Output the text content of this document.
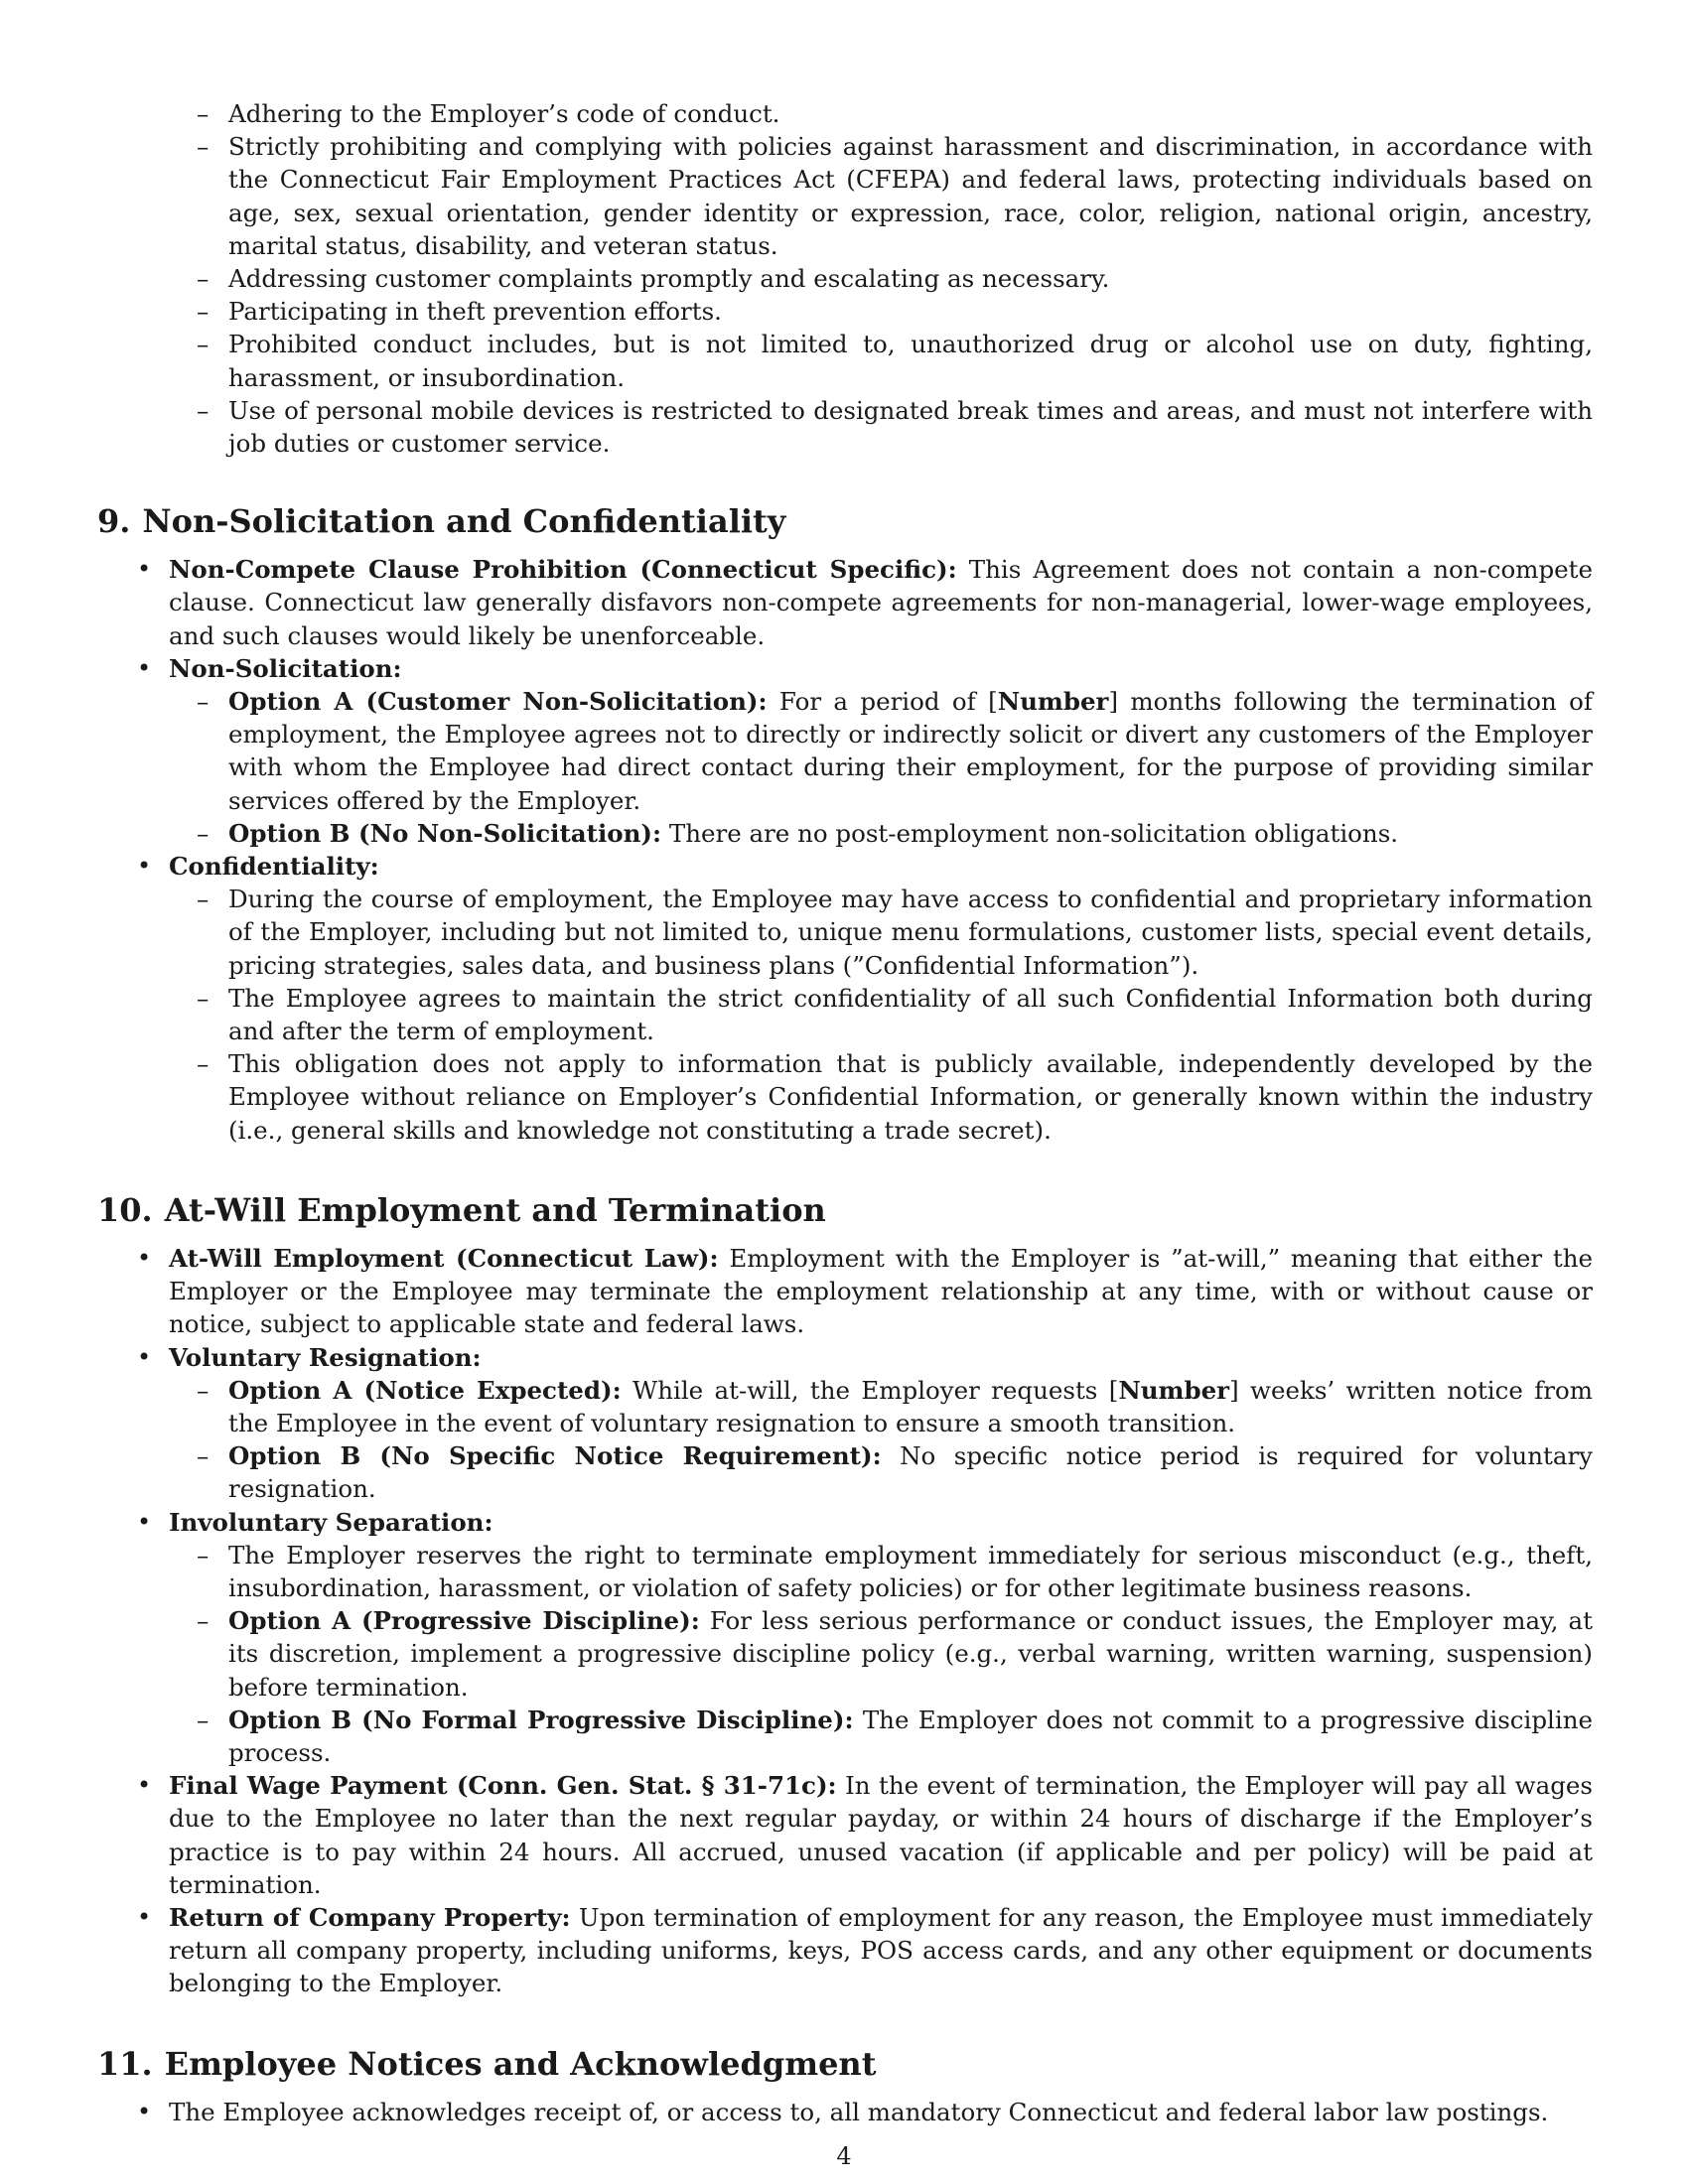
– Adhering to the Employer’s code of conduct.

– Strictly prohibiting and complying with policies against harassment and discrimination, in accordance with the Connecticut Fair Employment Practices Act (CFEPA) and federal laws, protecting individuals based on age, sex, sexual orientation, gender identity or expression, race, color, religion, national origin, ancestry, marital status, disability, and veteran status.

– Addressing customer complaints promptly and escalating as necessary.

– Participating in theft prevention efforts.

– Prohibited conduct includes, but is not limited to, unauthorized drug or alcohol use on duty, fighting, harassment, or insubordination.

– Use of personal mobile devices is restricted to designated break times and areas, and must not interfere with job duties or customer service.

9. Non-Solicitation and Confidentiality

• Non-Compete Clause Prohibition (Connecticut Specific): This Agreement does not contain a non-compete clause. Connecticut law generally disfavors non-compete agreements for non-managerial, lower-wage employees, and such clauses would likely be unenforceable.

• Non-Solicitation:

– Option A (Customer Non-Solicitation): For a period of [Number] months following the termination of employment, the Employee agrees not to directly or indirectly solicit or divert any customers of the Employer with whom the Employee had direct contact during their employment, for the purpose of providing similar services offered by the Employer.

– Option B (No Non-Solicitation): There are no post-employment non-solicitation obligations.

• Confidentiality:

– During the course of employment, the Employee may have access to confidential and proprietary information of the Employer, including but not limited to, unique menu formulations, customer lists, special event details, pricing strategies, sales data, and business plans (”Confidential Information”).

– The Employee agrees to maintain the strict confidentiality of all such Confidential Information both during and after the term of employment.

– This obligation does not apply to information that is publicly available, independently developed by the Employee without reliance on Employer’s Confidential Information, or generally known within the industry (i.e., general skills and knowledge not constituting a trade secret).

10. At-Will Employment and Termination

• At-Will Employment (Connecticut Law): Employment with the Employer is ”at-will,” meaning that either the Employer or the Employee may terminate the employment relationship at any time, with or without cause or notice, subject to applicable state and federal laws.

• Voluntary Resignation:

– Option A (Notice Expected): While at-will, the Employer requests [Number] weeks’ written notice from the Employee in the event of voluntary resignation to ensure a smooth transition.

– Option B (No Specific Notice Requirement): No specific notice period is required for voluntary resignation.

• Involuntary Separation:

– The Employer reserves the right to terminate employment immediately for serious misconduct (e.g., theft, insubordination, harassment, or violation of safety policies) or for other legitimate business reasons.

– Option A (Progressive Discipline): For less serious performance or conduct issues, the Employer may, at its discretion, implement a progressive discipline policy (e.g., verbal warning, written warning, suspension) before termination.

– Option B (No Formal Progressive Discipline): The Employer does not commit to a progressive discipline process.

• Final Wage Payment (Conn. Gen. Stat. § 31-71c): In the event of termination, the Employer will pay all wages due to the Employee no later than the next regular payday, or within 24 hours of discharge if the Employer’s practice is to pay within 24 hours. All accrued, unused vacation (if applicable and per policy) will be paid at termination.

• Return of Company Property: Upon termination of employment for any reason, the Employee must immediately return all company property, including uniforms, keys, POS access cards, and any other equipment or documents belonging to the Employer.

11. Employee Notices and Acknowledgment

• The Employee acknowledges receipt of, or access to, all mandatory Connecticut and federal labor law postings.

4
